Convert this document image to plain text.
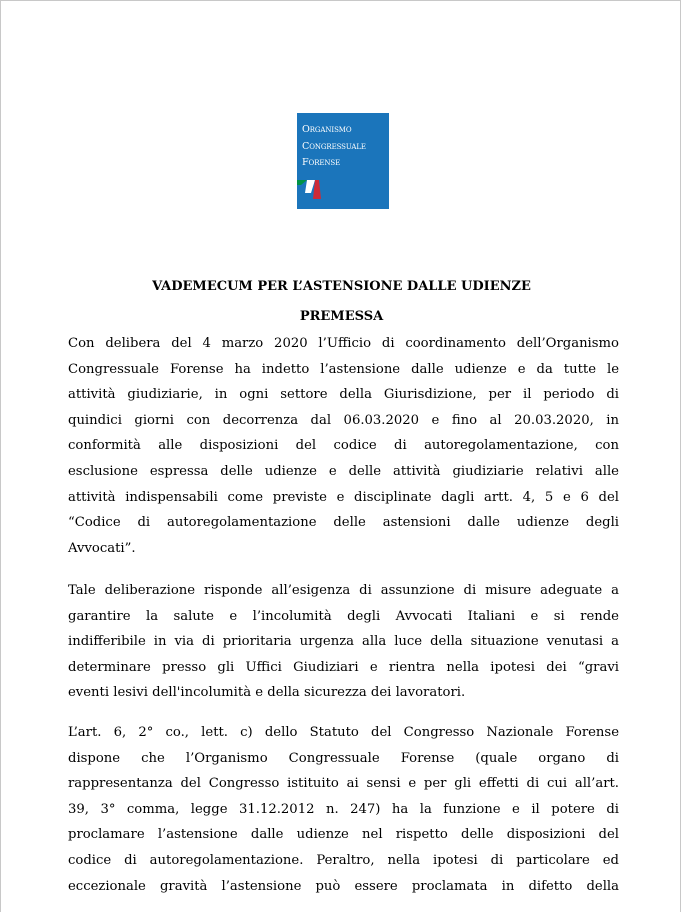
Organismo
Congressuale
Forense
VADEMECUM PER L’ASTENSIONE DALLE UDIENZE
PREMESSA
Con delibera del 4 marzo 2020 l’Ufficio di coordinamento dell’Organismo
Congressuale Forense ha indetto l’astensione dalle udienze e da tutte le
attività giudiziarie, in ogni settore della Giurisdizione, per il periodo di
quindici giorni con decorrenza dal 06.03.2020 e fino al 20.03.2020, in
conformità alle disposizioni del codice di autoregolamentazione, con
esclusione espressa delle udienze e delle attività giudiziarie relativi alle
attività indispensabili come previste e disciplinate dagli artt. 4, 5 e 6 del
“Codice di autoregolamentazione delle astensioni dalle udienze degli
Avvocati”.
Tale deliberazione risponde all’esigenza di assunzione di misure adeguate a
garantire la salute e l’incolumità degli Avvocati Italiani e si rende
indifferibile in via di prioritaria urgenza alla luce della situazione venutasi a
determinare presso gli Uffici Giudiziari e rientra nella ipotesi dei “gravi
eventi lesivi dell'incolumità e della sicurezza dei lavoratori.
L’art. 6, 2° co., lett. c) dello Statuto del Congresso Nazionale Forense
dispone che l’Organismo Congressuale Forense (quale organo di
rappresentanza del Congresso istituito ai sensi e per gli effetti di cui all’art.
39, 3° comma, legge 31.12.2012 n. 247) ha la funzione e il potere di
proclamare l’astensione dalle udienze nel rispetto delle disposizioni del
codice di autoregolamentazione. Peraltro, nella ipotesi di particolare ed
eccezionale gravità l’astensione può essere proclamata in difetto della
